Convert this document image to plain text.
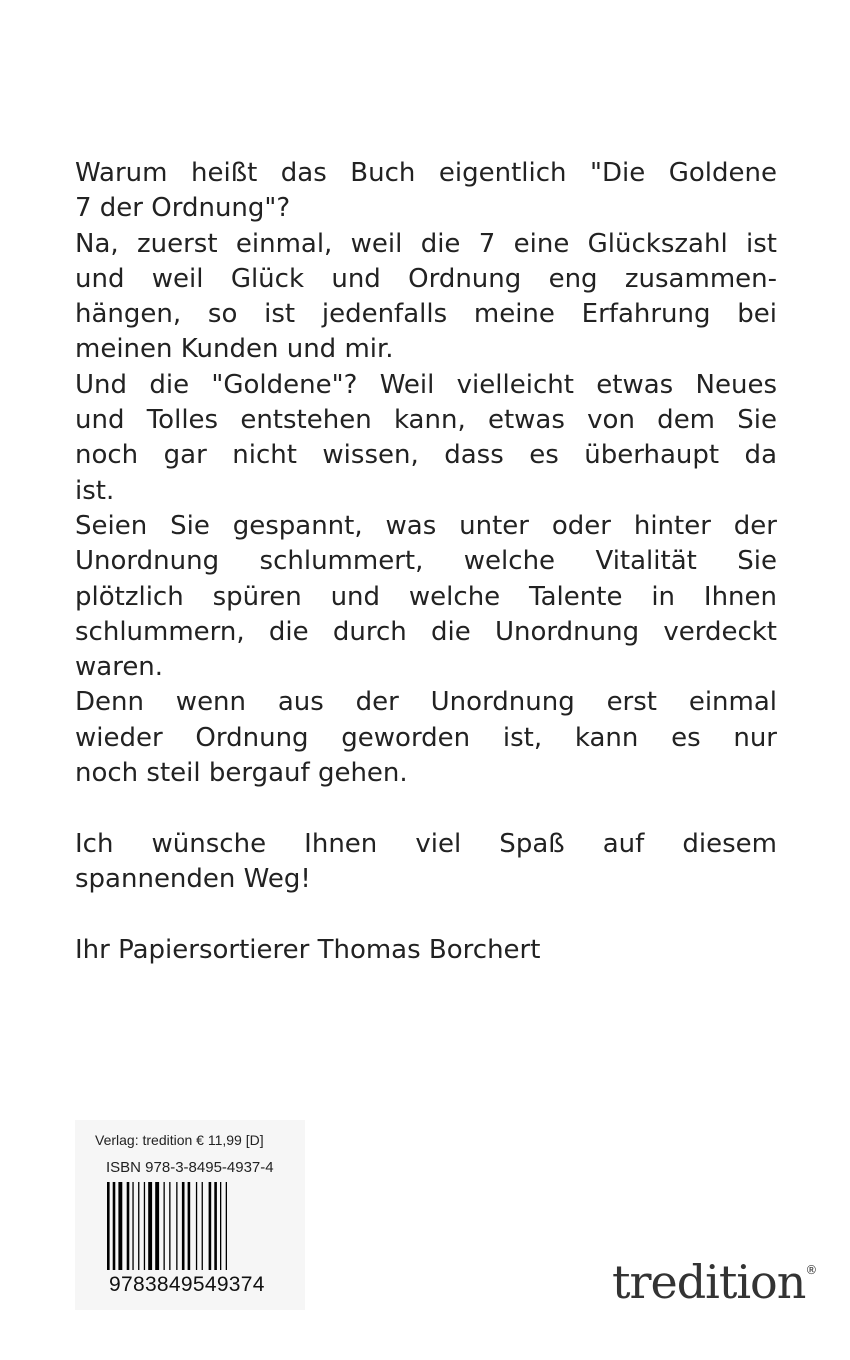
Warum heißt das Buch eigentlich "Die Goldene
7 der Ordnung"?
Na, zuerst einmal, weil die 7 eine Glückszahl ist
und weil Glück und Ordnung eng zusammen-
hängen, so ist jedenfalls meine Erfahrung bei
meinen Kunden und mir.
Und die "Goldene"? Weil vielleicht etwas Neues
und Tolles entstehen kann, etwas von dem Sie
noch gar nicht wissen, dass es überhaupt da
ist.
Seien Sie gespannt, was unter oder hinter der
Unordnung schlummert, welche Vitalität Sie
plötzlich spüren und welche Talente in Ihnen
schlummern, die durch die Unordnung verdeckt
waren.
Denn wenn aus der Unordnung erst einmal
wieder Ordnung geworden ist, kann es nur
noch steil bergauf gehen.
Ich wünsche Ihnen viel Spaß auf diesem
spannenden Weg!
Ihr Papiersortierer Thomas Borchert
Verlag: tredition € 11,99 [D]
ISBN 978-3-8495-4937-4
9783849549374	tredition®
